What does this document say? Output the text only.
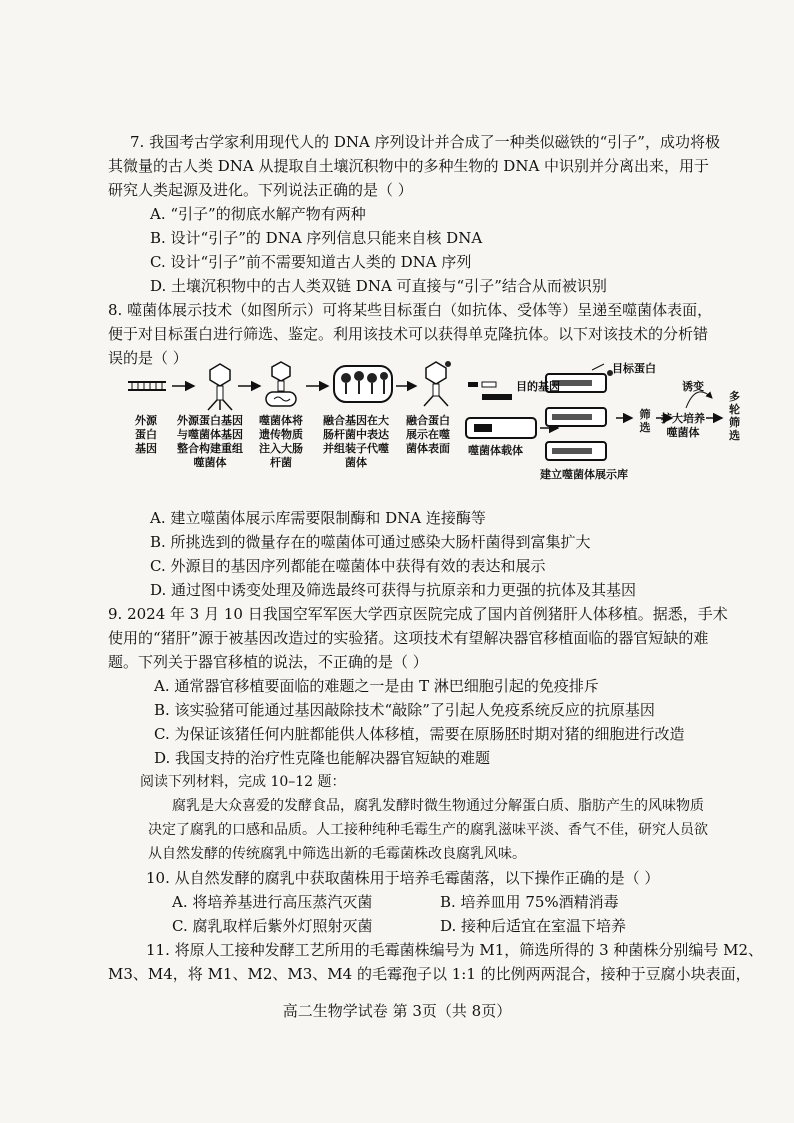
7. 我国考古学家利用现代人的 DNA 序列设计并合成了一种类似磁铁的“引子”，成功将极
其微量的古人类 DNA 从提取自土壤沉积物中的多种生物的 DNA 中识别并分离出来，用于
研究人类起源及进化。下列说法正确的是（ ）
A. “引子”的彻底水解产物有两种
B. 设计“引子”的 DNA 序列信息只能来自核 DNA
C. 设计“引子”前不需要知道古人类的 DNA 序列
D. 土壤沉积物中的古人类双链 DNA 可直接与“引子”结合从而被识别
8. 噬菌体展示技术（如图所示）可将某些目标蛋白（如抗体、受体等）呈递至噬菌体表面，
便于对目标蛋白进行筛选、鉴定。利用该技术可以获得单克隆抗体。以下对该技术的分析错
误的是（ ）
外源
蛋白
基因
外源蛋白基因
与噬菌体基因
整合构建重组
噬菌体
噬菌体将
遗传物质
注入大肠
杆菌
融合基因在大
肠杆菌中表达
并组装子代噬
菌体
融合蛋白
展示在噬
菌体表面
目的基因
目标蛋白
噬菌体载体
建立噬菌体展示库
筛选
诱变
扩大培养
噬菌体
多
轮
筛
选
A. 建立噬菌体展示库需要限制酶和 DNA 连接酶等
B. 所挑选到的微量存在的噬菌体可通过感染大肠杆菌得到富集扩大
C. 外源目的基因序列都能在噬菌体中获得有效的表达和展示
D. 通过图中诱变处理及筛选最终可获得与抗原亲和力更强的抗体及其基因
9. 2024 年 3 月 10 日我国空军军医大学西京医院完成了国内首例猪肝人体移植。据悉，手术
使用的“猪肝”源于被基因改造过的实验猪。这项技术有望解决器官移植面临的器官短缺的难
题。下列关于器官移植的说法，不正确的是（ ）
A. 通常器官移植要面临的难题之一是由 T 淋巴细胞引起的免疫排斥
B. 该实验猪可能通过基因敲除技术“敲除”了引起人免疫系统反应的抗原基因
C. 为保证该猪任何内脏都能供人体移植，需要在原肠胚时期对猪的细胞进行改造
D. 我国支持的治疗性克隆也能解决器官短缺的难题
阅读下列材料，完成 10–12 题：
腐乳是大众喜爱的发酵食品，腐乳发酵时微生物通过分解蛋白质、脂肪产生的风味物质
决定了腐乳的口感和品质。人工接种纯种毛霉生产的腐乳滋味平淡、香气不佳，研究人员欲
从自然发酵的传统腐乳中筛选出新的毛霉菌株改良腐乳风味。
10. 从自然发酵的腐乳中获取菌株用于培养毛霉菌落，以下操作正确的是（ ）
A. 将培养基进行高压蒸汽灭菌	B. 培养皿用 75%酒精消毒
C. 腐乳取样后紫外灯照射灭菌	D. 接种后适宜在室温下培养
11. 将原人工接种发酵工艺所用的毛霉菌株编号为 M1，筛选所得的 3 种菌株分别编号 M2、
M3、M4，将 M1、M2、M3、M4 的毛霉孢子以 1:1 的比例两两混合，接种于豆腐小块表面，
高二生物学试卷 第 3页（共 8页）
